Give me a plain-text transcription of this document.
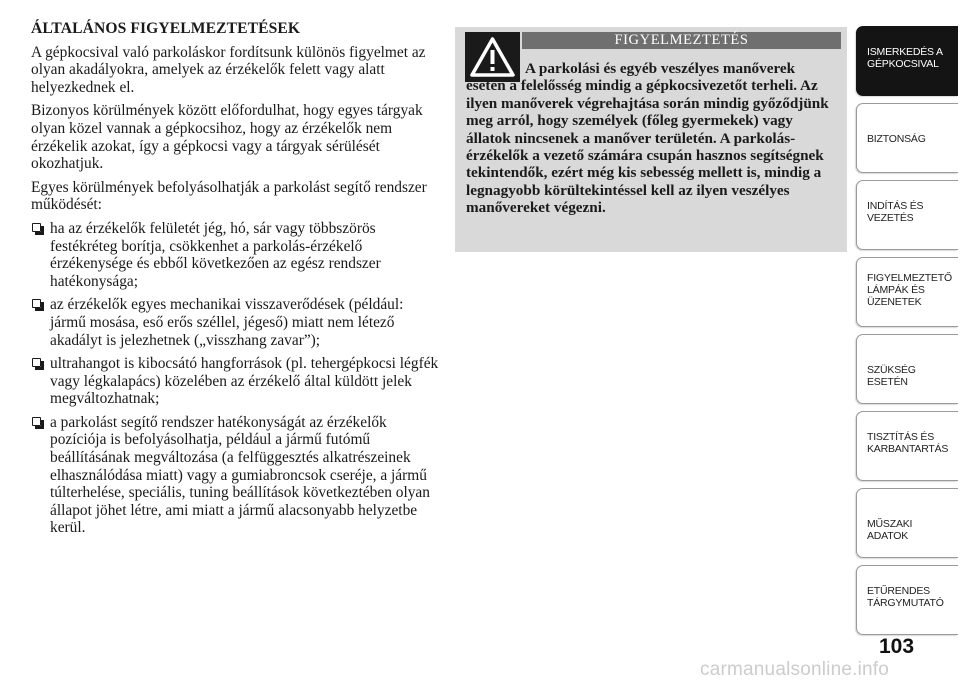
ÁLTALÁNOS FIGYELMEZTETÉSEK

A gépkocsival való parkoláskor fordítsunk különös figyelmet az olyan akadályokra, amelyek az érzékelők felett vagy alatt helyezkednek el.

Bizonyos körülmények között előfordulhat, hogy egyes tárgyak olyan közel vannak a gépkocsihoz, hogy az érzékelők nem érzékelik azokat, így a gépkocsi vagy a tárgyak sérülését okozhatjuk.

Egyes körülmények befolyásolhatják a parkolást segítő rendszer működését:

ha az érzékelők felületét jég, hó, sár vagy többszörös festékréteg borítja, csökkenhet a parkolás-érzékelő érzékenysége és ebből következően az egész rendszer hatékonysága;
az érzékelők egyes mechanikai visszaverődések (például: jármű mosása, eső erős széllel, jégeső) miatt nem létező akadályt is jelezhetnek („visszhang zavar”);
ultrahangot is kibocsátó hangforrások (pl. tehergépkocsi légfék vagy légkalapács) közelében az érzékelő által küldött jelek megváltozhatnak;
a parkolást segítő rendszer hatékonyságát az érzékelők pozíciója is befolyásolhatja, például a jármű futómű beállításának megváltozása (a felfüggesztés alkatrészeinek elhasználódása miatt) vagy a gumiabroncsok cseréje, a jármű túlterhelése, speciális, tuning beállítások következtében olyan állapot jöhet létre, ami miatt a jármű alacsonyabb helyzetbe kerül.
FIGYELMEZTETÉS
A parkolási és egyéb veszélyes manőverek esetén a felelősség mindig a gépkocsivezetőt terheli. Az ilyen manőverek végrehajtása során mindig győződjünk meg arról, hogy személyek (főleg gyermekek) vagy állatok nincsenek a manőver területén. A parkolás-érzékelők a vezető számára csupán hasznos segítségnek tekintendők, ezért még kis sebesség mellett is, mindig a legnagyobb körültekintéssel kell az ilyen veszélyes manővereket végezni.
ISMERKEDÉS A GÉPKOCSIVAL
BIZTONSÁG
INDÍTÁS ÉS VEZETÉS
FIGYELMEZTETŐ LÁMPÁK ÉS ÜZENETEK
SZÜKSÉG ESETÉN
TISZTÍTÁS ÉS KARBANTARTÁS
MŰSZAKI ADATOK
ETŰRENDES TÁRGYMUTATÓ
103
carmanualsonline.info
